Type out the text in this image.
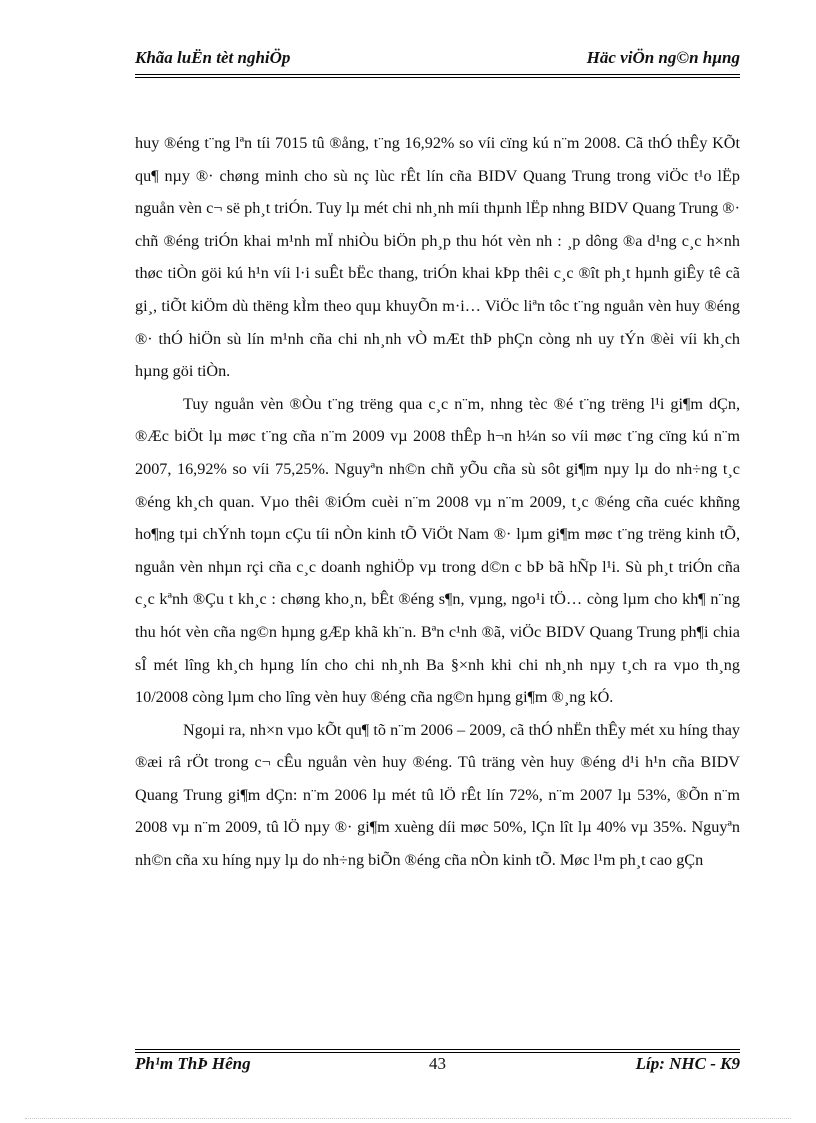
Khãa luËn tèt nghiÖp	Häc viÖn ng©n hµng

huy ®éng t¨ng lªn tíi 7015 tû ®ång, t¨ng 16,92% so víi cïng kú n¨m 2008. Cã thÓ thÊy KÕt qu¶ nµy ®· chøng minh cho sù nç lùc rÊt lín cña BIDV Quang Trung trong viÖc t¹o lËp nguån vèn c¬ së ph¸t triÓn. Tuy lµ mét chi nh¸nh míi thµnh lËp nhng BIDV Quang Trung ®· chñ ®éng triÓn khai m¹nh mÏ nhiÒu biÖn ph¸p thu hót vèn nh : ¸p dông ®a d¹ng c¸c h×nh thøc tiÒn göi kú h¹n víi l·i suÊt bËc thang, triÓn khai kÞp thêi c¸c ®ît ph¸t hµnh giÊy tê cã gi¸, tiÕt kiÖm dù thëng kÌm theo quµ khuyÕn m·i… ViÖc liªn tôc t¨ng nguån vèn huy ®éng ®· thÓ hiÖn sù lín m¹nh cña chi nh¸nh vÒ mÆt thÞ phÇn còng nh uy tÝn ®èi víi kh¸ch hµng göi tiÒn.

Tuy nguån vèn ®Òu t¨ng trëng qua c¸c n¨m, nhng tèc ®é t¨ng trëng l¹i gi¶m dÇn, ®Æc biÖt lµ møc t¨ng cña n¨m 2009 vµ 2008 thÊp h¬n h¼n so víi møc t¨ng cïng kú n¨m 2007, 16,92% so víi 75,25%. Nguyªn nh©n chñ yÕu cña sù sôt gi¶m nµy lµ do nh÷ng t¸c ®éng kh¸ch quan. Vµo thêi ®iÓm cuèi n¨m 2008 vµ n¨m 2009, t¸c ®éng cña cuéc khñng ho¶ng tµi chÝnh toµn cÇu tíi nÒn kinh tÕ ViÖt Nam ®· lµm gi¶m møc t¨ng trëng kinh tÕ, nguån vèn nhµn rçi cña c¸c doanh nghiÖp vµ trong d©n c bÞ bã hÑp l¹i. Sù ph¸t triÓn cña c¸c kªnh ®Çu t kh¸c : chøng kho¸n, bÊt ®éng s¶n, vµng, ngo¹i tÖ… còng lµm cho kh¶ n¨ng thu hót vèn cña ng©n hµng gÆp khã kh¨n. Bªn c¹nh ®ã, viÖc BIDV Quang Trung ph¶i chia sÎ mét lîng kh¸ch hµng lín cho chi nh¸nh Ba §×nh khi chi nh¸nh nµy t¸ch ra vµo th¸ng 10/2008 còng lµm cho lîng vèn huy ®éng cña ng©n hµng gi¶m ®¸ng kÓ.

Ngoµi ra, nh×n vµo kÕt qu¶ tõ n¨m 2006 – 2009, cã thÓ nhËn thÊy mét xu híng thay ®æi râ rÖt trong c¬ cÊu nguån vèn huy ®éng. Tû träng vèn huy ®éng d¹i h¹n cña BIDV Quang Trung gi¶m dÇn: n¨m 2006 lµ mét tû lÖ rÊt lín 72%, n¨m 2007 lµ 53%, ®Õn n¨m 2008 vµ n¨m 2009, tû lÖ nµy ®· gi¶m xuèng díi møc 50%, lÇn lît lµ 40% vµ 35%. Nguyªn nh©n cña xu híng nµy lµ do nh÷ng biÕn ®éng cña nÒn kinh tÕ. Møc l¹m ph¸t cao gÇn

Ph¹m ThÞ Hêng	43	Líp: NHC - K9
